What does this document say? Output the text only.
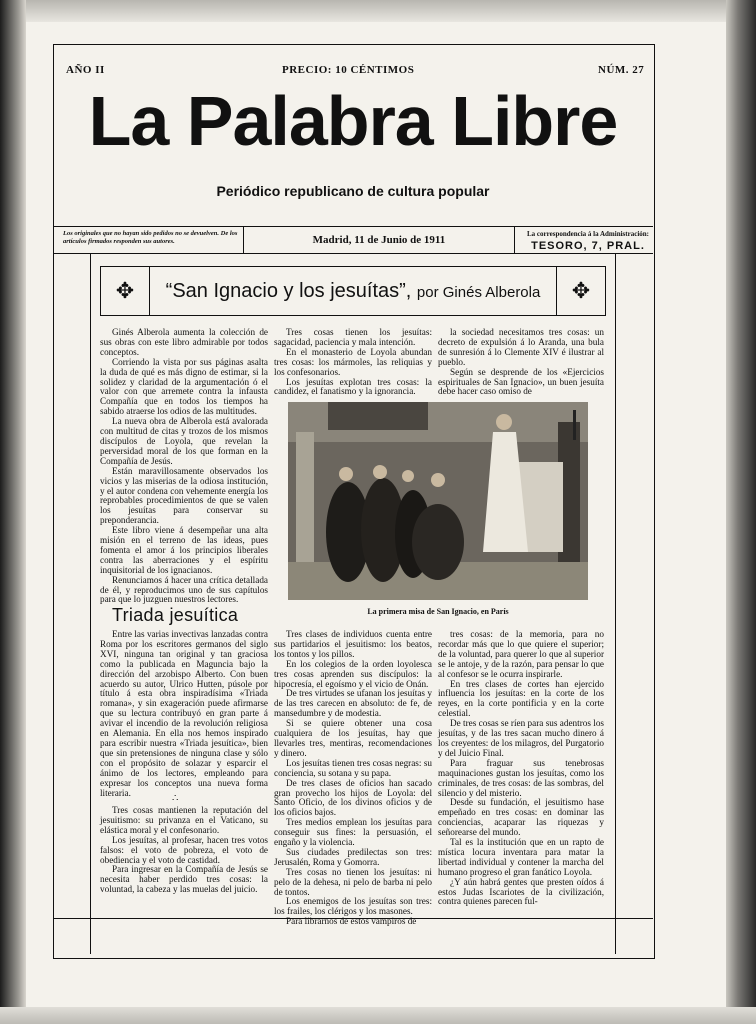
AÑO II	PRECIO: 10 CÉNTIMOS	NÚM. 27
La Palabra Libre
Periódico republicano de cultura popular
Los originales que no hayan sido pedidos no se devuelven. De los artículos firmados responden sus autores.	Madrid, 11 de Junio de 1911	La correspondencia á la Administración:
TESORO, 7, PRAL.
✥	“San Ignacio y los jesuítas”, por Ginés Alberola	✥

Ginés Alberola aumenta la colección de sus obras con este libro admirable por todos conceptos.

Corriendo la vista por sus páginas asalta la duda de qué es más digno de estimar, si la solidez y claridad de la argumentación ó el valor con que arremete contra la infausta Compañía que en todos los tiempos ha sabido atraerse los odios de las multitudes.

La nueva obra de Alberola está avalorada con multitud de citas y trozos de los mismos discípulos de Loyola, que revelan la perversidad moral de los que forman en la Compañía de Jesús.

Están maravillosamente observados los vicios y las miserias de la odiosa institución, y el autor condena con vehemente energía los reprobables procedimientos de que se valen los jesuítas para conservar su preponderancia.

Este libro viene á desempeñar una alta misión en el terreno de las ideas, pues fomenta el amor á los principios liberales contra las aberraciones y el espíritu inquisitorial de los ignacianos.

Renunciamos á hacer una crítica detallada de él, y reproducimos uno de sus capítulos para que lo juzguen nuestros lectores.

Tres cosas tienen los jesuítas: sagacidad, paciencia y mala intención.

En el monasterio de Loyola abundan tres cosas: los mármoles, las reliquias y los confesonarios.

Los jesuítas explotan tres cosas: la candidez, el fanatismo y la ignorancia.

la sociedad necesitamos tres cosas: un decreto de expulsión á lo Aranda, una bula de sunresión á lo Clemente XIV é ilustrar al pueblo.

Según se desprende de los «Ejercicios espirituales de San Ignacio», un buen jesuíta debe hacer caso omiso de

La primera misa de San Ignacio, en París
Triada jesuítica

Entre las varias invectivas lanzadas contra Roma por los escritores germanos del siglo XVI, ninguna tan original y tan graciosa como la publicada en Maguncia bajo la dirección del arzobispo Alberto. Con buen acuerdo su autor, Ulrico Hutten, púsole por título á esta obra inspiradísima «Triada romana», y sin exageración puede afirmarse que su lectura contribuyó en gran parte á avivar el incendio de la revolución religiosa en Alemania. En ella nos hemos inspirado para escribir nuestra «Triada jesuítica», bien que sin pretensiones de ninguna clase y sólo con el propósito de solazar y esparcir el ánimo de los lectores, empleando para expresar los conceptos una nueva forma literaria.

∴

Tres cosas mantienen la reputación del jesuitismo: su privanza en el Vaticano, su elástica moral y el confesonario.

Los jesuítas, al profesar, hacen tres votos falsos: el voto de pobreza, el voto de obediencia y el voto de castidad.

Para ingresar en la Compañía de Jesús se necesita haber perdido tres cosas: la voluntad, la cabeza y las muelas del juicio.

Tres clases de individuos cuenta entre sus partidarios el jesuitismo: los beatos, los tontos y los pillos.

En los colegios de la orden loyolesca tres cosas aprenden sus discípulos: la hipocresía, el egoísmo y el vicio de Onán.

De tres virtudes se ufanan los jesuítas y de las tres carecen en absoluto: de fe, de mansedumbre y de modestia.

Si se quiere obtener una cosa cualquiera de los jesuítas, hay que llevarles tres, mentiras, recomendaciones y dinero.

Los jesuítas tienen tres cosas negras: su conciencia, su sotana y su papa.

De tres clases de oficios han sacado gran provecho los hijos de Loyola: del Santo Oficio, de los divinos oficios y de los oficios bajos.

Tres medios emplean los jesuítas para conseguir sus fines: la persuasión, el engaño y la violencia.

Sus ciudades predilectas son tres: Jerusalén, Roma y Gomorra.

Tres cosas no tienen los jesuítas: ni pelo de la dehesa, ni pelo de barba ni pelo de tontos.

Los enemigos de los jesuítas son tres: los frailes, los clérigos y los masones.

Para librarnos de estos vampiros de

tres cosas: de la memoria, para no recordar más que lo que quiere el superior; de la voluntad, para querer lo que al superior se le antoje, y de la razón, para pensar lo que al confesor se le ocurra inspirarle.

En tres clases de cortes han ejercido influencia los jesuítas: en la corte de los reyes, en la corte pontificia y en la corte celestial.

De tres cosas se ríen para sus adentros los jesuítas, y de las tres sacan mucho dinero á los creyentes: de los milagros, del Purgatorio y del Juicio Final.

Para fraguar sus tenebrosas maquinaciones gustan los jesuítas, como los criminales, de tres cosas: de las sombras, del silencio y del misterio.

Desde su fundación, el jesuitismo hase empeñado en tres cosas: en dominar las conciencias, acaparar las riquezas y señorearse del mundo.

Tal es la institución que en un rapto de mística locura inventara para matar la libertad individual y contener la marcha del humano progreso el gran fanático Loyola.

¿Y aún habrá gentes que presten oídos á estos Judas Iscariotes de la civilización, contra quienes parecen ful-
